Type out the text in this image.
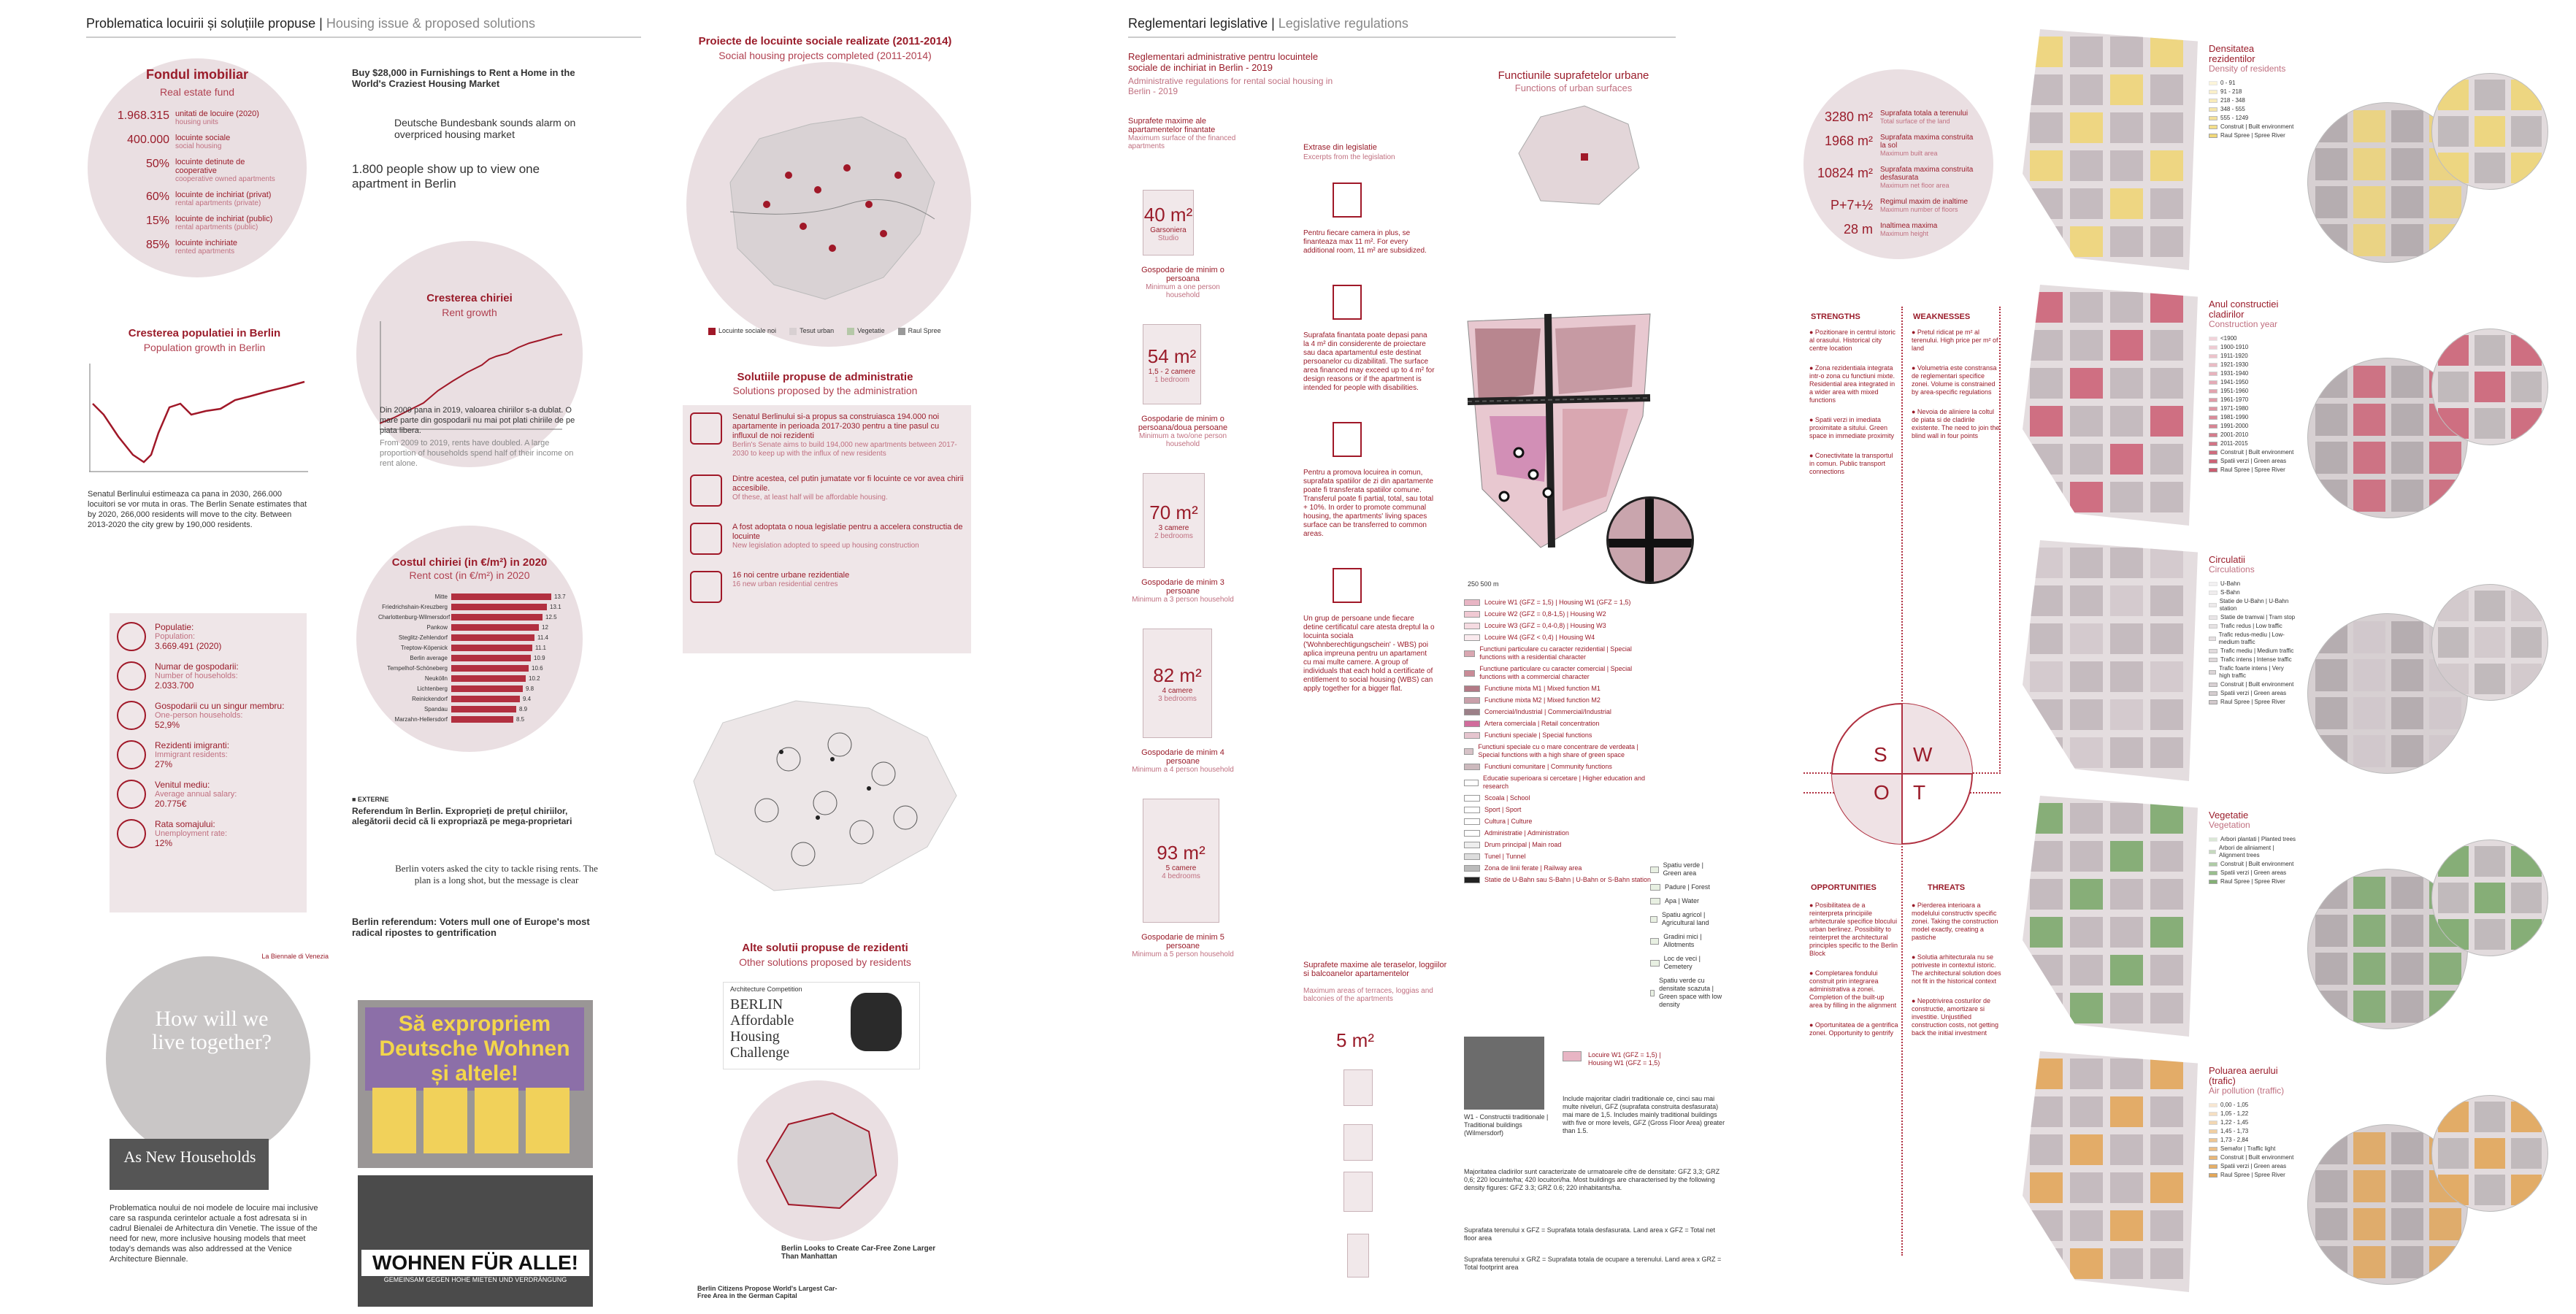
Problematica locuirii și soluțiile propuse | Housing issue & proposed solutions
Fondul imobiliar
Real estate fund
1.968.315 unitati de locuire (2020)
housing units
400.000 locuinte sociale
social housing
50% locuinte detinute de cooperative
cooperative owned apartments
60% locuinte de inchiriat (privat)
rental apartments (private)
15% locuinte de inchiriat (public)
rental apartments (public)
85% locuinte inchiriate
rented apartments
Buy $28,000 in Furnishings to Rent a Home in the World's Craziest Housing Market
Deutsche Bundesbank sounds alarm on overpriced housing market
1.800 people show up to view one apartment in Berlin
Cresterea chiriei
Rent growth
Din 2009 pana in 2019, valoarea chiriilor s-a dublat. O mare parte din gospodarii nu mai pot plati chiriile de pe piata libera.
From 2009 to 2019, rents have doubled. A large proportion of households spend half of their income on rent alone.
Cresterea populatiei in Berlin
Population growth in Berlin
Senatul Berlinului estimeaza ca pana in 2030, 266.000 locuitori se vor muta in oras. The Berlin Senate estimates that by 2020, 266,000 residents will move to the city. Between 2013-2020 the city grew by 190,000 residents.
Costul chiriei (in €/m²) in 2020
Rent cost (in €/m²) in 2020
Mitte	13.7
Friedrichshain-Kreuzberg	13.1
Charlottenburg-Wilmersdorf	12.5
Pankow	12
Steglitz-Zehlendorf	11.4
Treptow-Köpenick	11.1
Berlin average	10.9
Tempelhof-Schöneberg	10.6
Neukölln	10.2
Lichtenberg	9.8
Reinickendorf	9.4
Spandau	8.9
Marzahn-Hellersdorf	8.5
Populatie:
Population:
3.669.491 (2020)
Numar de gospodarii:
Number of households:
2.033.700
Gospodarii cu un singur membru:
One-person households:
52,9%
Rezidenti imigranti:
Immigrant residents:
27%
Venitul mediu:
Average annual salary:
20.775€
Rata somajului:
Unemployment rate:
12%
■ EXTERNE
Referendum în Berlin. Exproprieți de prețul chiriilor, alegătorii decid că li expropriază pe mega-proprietari
Berlin voters asked the city to tackle rising rents. The plan is a long shot, but the message is clear
Berlin referendum: Voters mull one of Europe's most radical ripostes to gentrification
How will we live together?
La Biennale di Venezia
As New Households
Problematica noului de noi modele de locuire mai inclusive care sa raspunda cerintelor actuale a fost adresata si in cadrul Bienalei de Arhitectura din Venetie. The issue of the need for new, more inclusive housing models that meet today's demands was also addressed at the Venice Architecture Biennale.
Să expropriem Deutsche Wohnen și altele!
WOHNEN FÜR ALLE!
GEMEINSAM GEGEN HOHE MIETEN UND VERDRÄNGUNG
Proiecte de locuinte sociale realizate (2011-2014)
Social housing projects completed (2011-2014)
Locuinte sociale noi	Tesut urban	Vegetatie	Raul Spree
Solutiile propuse de administratie
Solutions proposed by the administration
Senatul Berlinului si-a propus sa construiasca 194.000 noi apartamente in perioada 2017-2030 pentru a tine pasul cu influxul de noi rezidenti
Berlin's Senate aims to build 194,000 new apartments between 2017-2030 to keep up with the influx of new residents
Dintre acestea, cel putin jumatate vor fi locuinte ce vor avea chirii accesibile.
Of these, at least half will be affordable housing.
A fost adoptata o noua legislatie pentru a accelera constructia de locuinte
New legislation adopted to speed up housing construction
16 noi centre urbane rezidentiale
16 new urban residential centres
Alte solutii propuse de rezidenti
Other solutions proposed by residents
Architecture Competition
BERLIN Affordable Housing Challenge
Berlin Looks to Create Car-Free Zone Larger Than Manhattan
Berlin Citizens Propose World's Largest Car-Free Area in the German Capital
Reglementari legislative | Legislative regulations
Reglementari administrative pentru locuintele sociale de inchiriat in Berlin - 2019
Administrative regulations for rental social housing in Berlin - 2019
Suprafete maxime ale apartamentelor finantate
Maximum surface of the financed apartments	Extrase din legislatie
Excerpts from the legislation
40 m²
Garsoniera
Studio
Gospodarie de minim o persoana
Minimum a one person household
54 m²
1,5 - 2 camere
1 bedroom
Gospodarie de minim o persoana/doua persoane
Minimum a two/one person household
70 m²
3 camere
2 bedrooms
Gospodarie de minim 3 persoane
Minimum a 3 person household
82 m²
4 camere
3 bedrooms
Gospodarie de minim 4 persoane
Minimum a 4 person household
93 m²
5 camere
4 bedrooms
Gospodarie de minim 5 persoane
Minimum a 5 person household
Pentru fiecare camera in plus, se finanteaza max 11 m². For every additional room, 11 m² are subsidized.
Suprafata finantata poate depasi pana la 4 m² din considerente de proiectare sau daca apartamentul este destinat persoanelor cu dizabilitati. The surface area financed may exceed up to 4 m² for design reasons or if the apartment is intended for people with disabilities.
Pentru a promova locuirea in comun, suprafata spatiilor de zi din apartamente poate fi transferata spatiilor comune. Transferul poate fi partial, total, sau total + 10%. In order to promote communal housing, the apartments' living spaces surface can be transferred to common areas.
Un grup de persoane unde fiecare detine certificatul care atesta dreptul la o locuinta sociala ('Wohnberechtigungschein' - WBS) poi aplica impreuna pentru un apartament cu mai multe camere. A group of individuals that each hold a certificate of entitlement to social housing (WBS) can apply together for a bigger flat.
Suprafete maxime ale teraselor, loggiilor si balcoanelor apartamentelor
Maximum areas of terraces, loggias and balconies of the apartments
5 m²
Functiunile suprafetelor urbane
Functions of urban surfaces
250 500 m
Locuire W1 (GFZ = 1,5) | Housing W1 (GFZ = 1,5)
Locuire W2 (GFZ = 0,8-1,5) | Housing W2
Locuire W3 (GFZ = 0,4-0,8) | Housing W3
Locuire W4 (GFZ < 0,4) | Housing W4
Functiuni particulare cu caracter rezidential | Special functions with a residential character
Functiune particulare cu caracter comercial | Special functions with a commercial character
Functiune mixta M1 | Mixed function M1
Functiune mixta M2 | Mixed function M2
Comercial/Industrial | Commercial/Industrial
Artera comerciala | Retail concentration
Functiuni speciale | Special functions
Functiuni speciale cu o mare concentrare de verdeata | Special functions with a high share of green space
Functiuni comunitare | Community functions
Educatie superioara si cercetare | Higher education and research
Scoala | School
Sport | Sport
Cultura | Culture
Administratie | Administration
Drum principal | Main road
Tunel | Tunnel
Zona de linii ferate | Railway area
Statie de U-Bahn sau S-Bahn | U-Bahn or S-Bahn station
Spatiu verde | Green area
Padure | Forest
Apa | Water
Spatiu agricol | Agricultural land
Gradini mici | Allotments
Loc de veci | Cemetery
Spatiu verde cu densitate scazuta | Green space with low density
W1 - Constructii traditionale | Traditional buildings (Wilmersdorf)
Locuire W1 (GFZ = 1,5) | Housing W1 (GFZ = 1,5)
Include majoritar cladiri traditionale ce, cinci sau mai multe niveluri, GFZ (suprafata construita desfasurata) mai mare de 1,5. Includes mainly traditional buildings with five or more levels, GFZ (Gross Floor Area) greater than 1.5.
Majoritatea cladirilor sunt caracterizate de urmatoarele cifre de densitate: GFZ 3,3; GRZ 0,6; 220 locuinte/ha; 420 locuitori/ha. Most buildings are characterised by the following density figures: GFZ 3.3; GRZ 0.6; 220 inhabitants/ha.
Suprafata terenului x GFZ = Suprafata totala desfasurata. Land area x GFZ = Total net floor area
Suprafata terenului x GRZ = Suprafata totala de ocupare a terenului. Land area x GRZ = Total footprint area
3280 m²	Suprafata totala a terenului
Total surface of the land
1968 m²	Suprafata maxima construita la sol
Maximum built area
10824 m²	Suprafata maxima construita desfasurata
Maximum net floor area
P+7+½	Regimul maxim de inaltime
Maximum number of floors
28 m	Inaltimea maxima
Maximum height
STRENGTHS	WEAKNESSES
● Pozitionare in centrul istoric al orasului. Historical city centre location
● Zona rezidentiala integrata intr-o zona cu functiuni mixte. Residential area integrated in a wider area with mixed functions
● Spatii verzi in imediata proximitate a sitului. Green space in immediate proximity
● Conectivitate la transportul in comun. Public transport connections
● Pretul ridicat pe m² al terenului. High price per m² of land
● Volumetria este constransa de reglementari specifice zonei. Volume is constrained by area-specific regulations
● Nevoia de aliniere la coltul de piata si de cladirile existente. The need to join the blind wall in four points
S W
O T
OPPORTUNITIES	THREATS
● Posibilitatea de a reinterpreta principiile arhitecturale specifice blocului urban berlinez. Possibility to reinterpret the architectural principles specific to the Berlin Block
● Completarea fondului construit prin integrarea administrativa a zonei. Completion of the built-up area by filling in the alignment
● Oportunitatea de a gentrifica zonei. Opportunity to gentrify
● Pierderea interioara a modelului constructiv specific zonei. Taking the construction model exactly, creating a pastiche
● Solutia arhitecturala nu se potriveste in contextul istoric. The architectural solution does not fit in the historical context
● Nepotrivirea costurilor de constructie, amortizare si investitie. Unjustified construction costs, not getting back the initial investment
Densitatea rezidentilor
Density of residents
0 - 91
91 - 218
218 - 348
348 - 555
555 - 1249
Construit | Built environment
Raul Spree | Spree River
Anul constructiei cladirilor
Construction year
<1900
1900-1910
1911-1920
1921-1930
1931-1940
1941-1950
1951-1960
1961-1970
1971-1980
1981-1990
1991-2000
2001-2010
2011-2015
Construit | Built environment
Spatii verzi | Green areas
Raul Spree | Spree River
Circulatii
Circulations
U-Bahn
S-Bahn
Statie de U-Bahn | U-Bahn station
Statie de tramvai | Tram stop
Trafic redus | Low traffic
Trafic redus-mediu | Low-medium traffic
Trafic mediu | Medium traffic
Trafic intens | Intense traffic
Trafic foarte intens | Very high traffic
Construit | Built environment
Spatii verzi | Green areas
Raul Spree | Spree River
Vegetatie
Vegetation
Arbori plantati | Planted trees
Arbori de aliniament | Alignment trees
Construit | Built environment
Spatii verzi | Green areas
Raul Spree | Spree River
Poluarea aerului (trafic)
Air pollution (traffic)
0,00 - 1,05
1,05 - 1,22
1,22 - 1,45
1,45 - 1,73
1,73 - 2,84
Semafor | Traffic light
Construit | Built environment
Spatii verzi | Green areas
Raul Spree | Spree River
